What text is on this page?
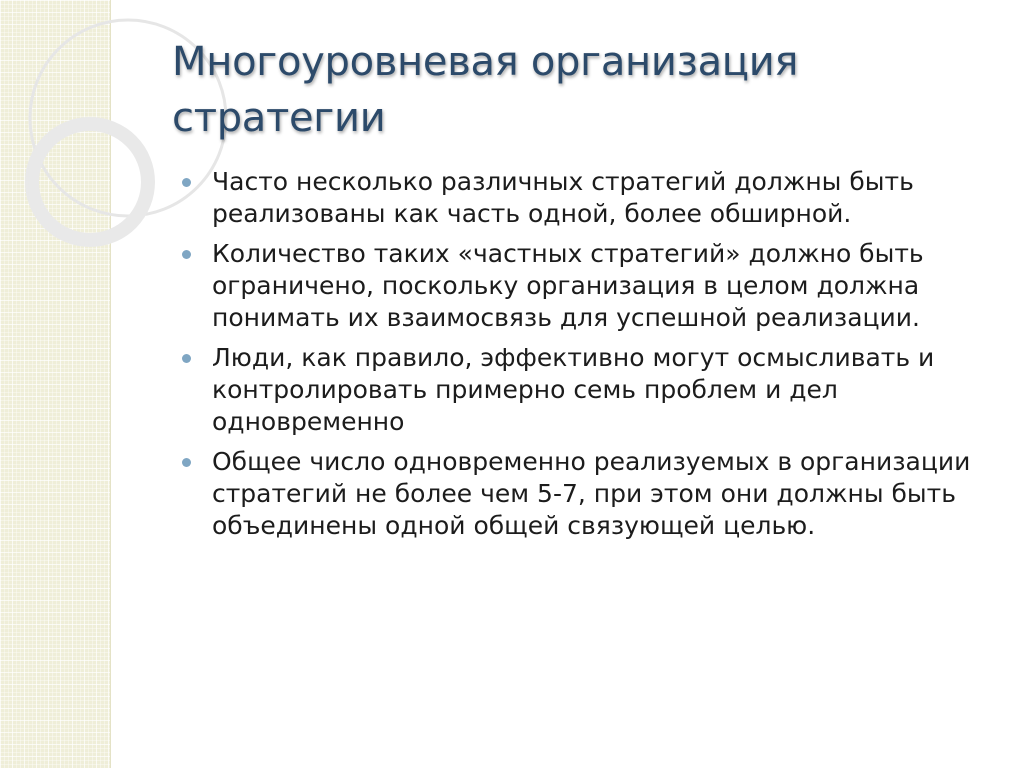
Многоуровневая организация стратегии
Часто несколько различных стратегий должны быть реализованы как часть одной, более обширной.
Количество таких «частных стратегий» должно быть ограничено, поскольку организация в целом должна понимать их взаимосвязь для успешной реализации.
Люди, как правило, эффективно могут осмысливать и контролировать примерно семь проблем и дел одновременно
Общее число одновременно реализуемых в организации стратегий не более чем 5-7, при этом они должны быть объединены одной общей связующей целью.
